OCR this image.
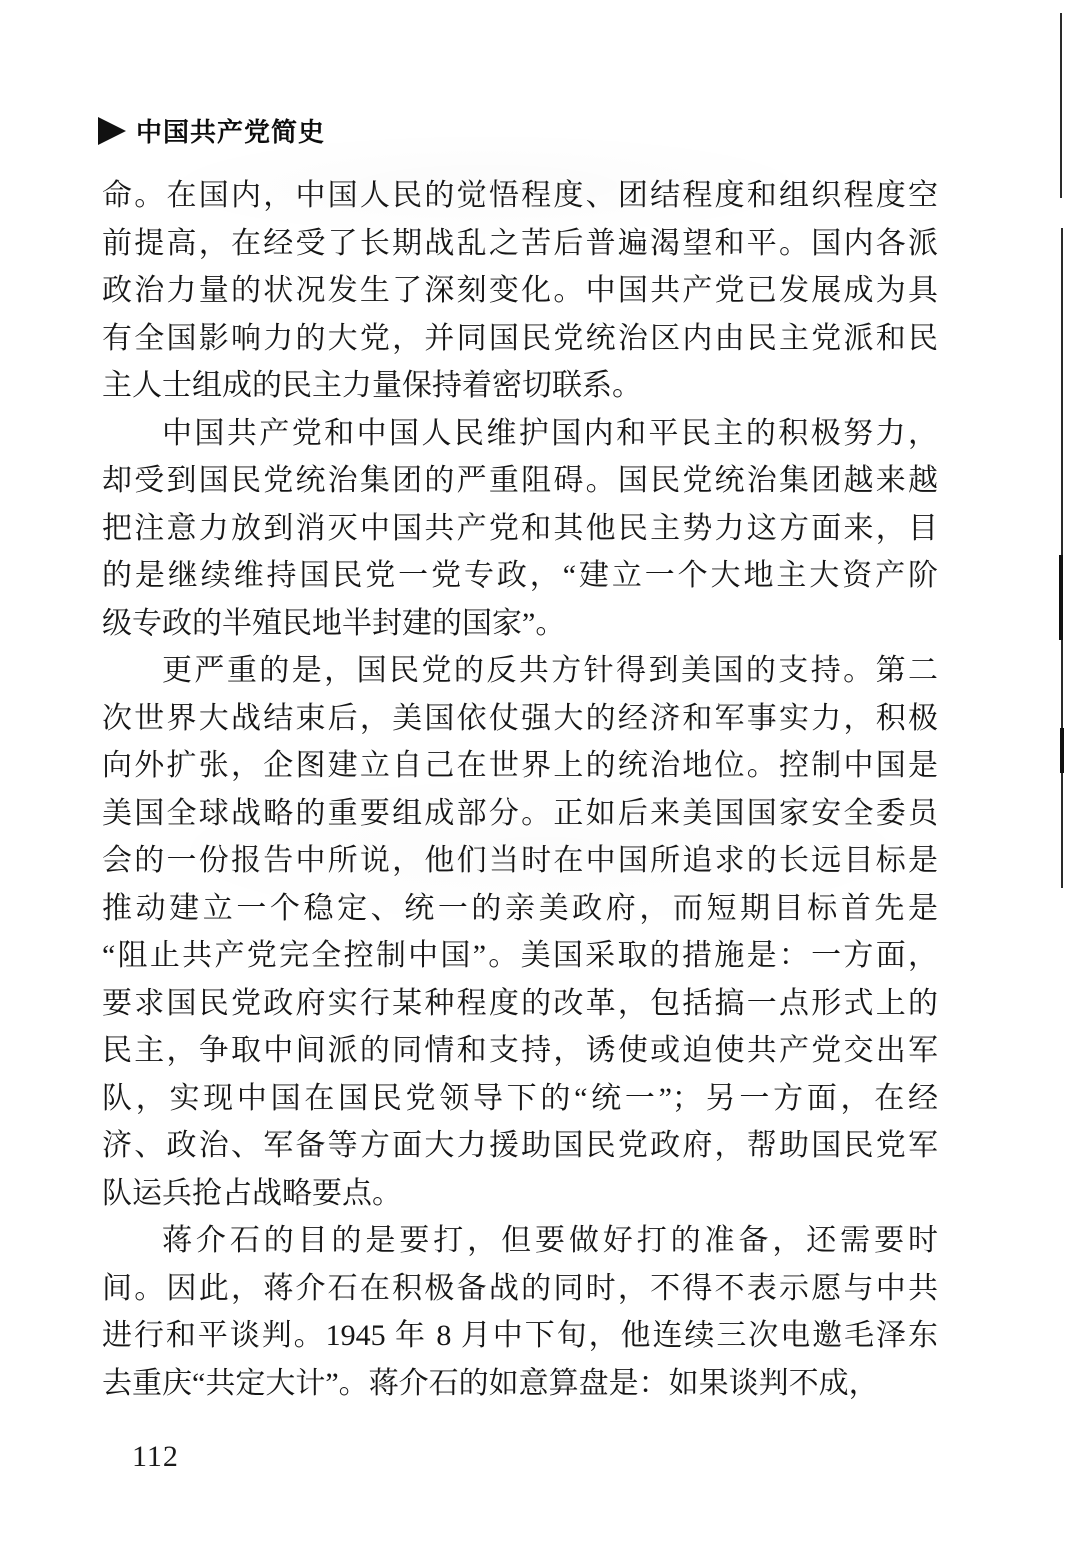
中国共产党简史
命。在国内，中国人民的觉悟程度、团结程度和组织程度空
前提高，在经受了长期战乱之苦后普遍渴望和平。国内各派
政治力量的状况发生了深刻变化。中国共产党已发展成为具
有全国影响力的大党，并同国民党统治区内由民主党派和民
主人士组成的民主力量保持着密切联系。
中国共产党和中国人民维护国内和平民主的积极努力，
却受到国民党统治集团的严重阻碍。国民党统治集团越来越
把注意力放到消灭中国共产党和其他民主势力这方面来，目
的是继续维持国民党一党专政，“建立一个大地主大资产阶
级专政的半殖民地半封建的国家”。
更严重的是，国民党的反共方针得到美国的支持。第二
次世界大战结束后，美国依仗强大的经济和军事实力，积极
向外扩张，企图建立自己在世界上的统治地位。控制中国是
美国全球战略的重要组成部分。正如后来美国国家安全委员
会的一份报告中所说，他们当时在中国所追求的长远目标是
推动建立一个稳定、统一的亲美政府，而短期目标首先是
“阻止共产党完全控制中国”。美国采取的措施是：一方面，
要求国民党政府实行某种程度的改革，包括搞一点形式上的
民主，争取中间派的同情和支持，诱使或迫使共产党交出军
队，实现中国在国民党领导下的“统一”；另一方面，在经
济、政治、军备等方面大力援助国民党政府，帮助国民党军
队运兵抢占战略要点。
蒋介石的目的是要打，但要做好打的准备，还需要时
间。因此，蒋介石在积极备战的同时，不得不表示愿与中共
进行和平谈判。1945 年 8 月中下旬，他连续三次电邀毛泽东
去重庆“共定大计”。蒋介石的如意算盘是：如果谈判不成，
112
